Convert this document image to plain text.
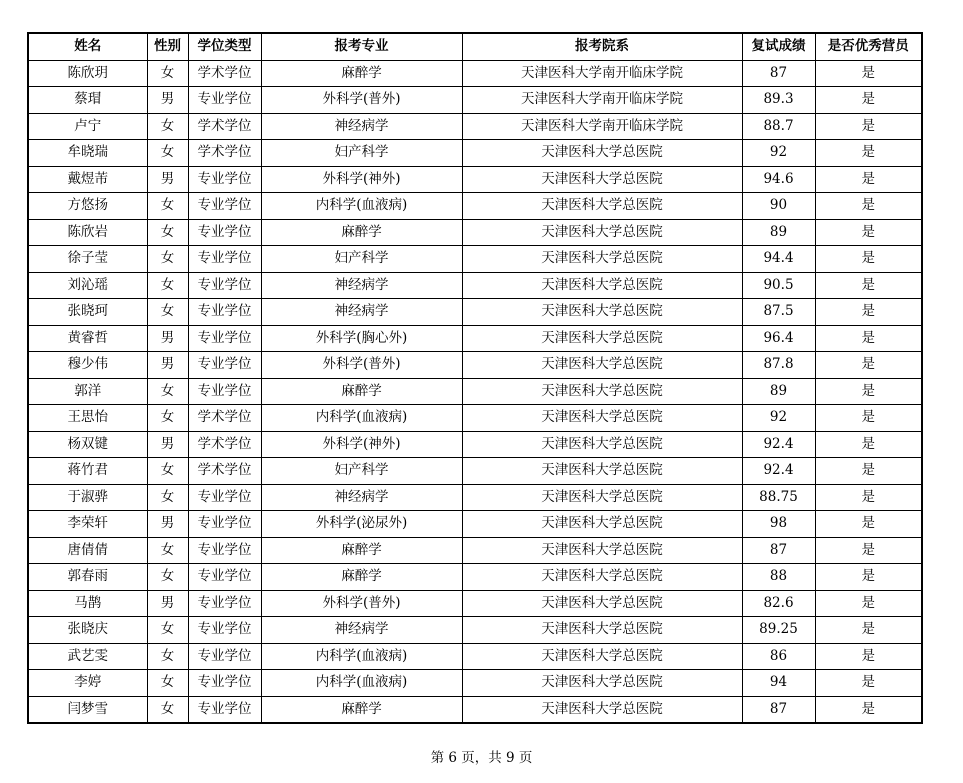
姓名	性别	学位类型	报考专业	报考院系	复试成绩	是否优秀营员
陈欣玥	女	学术学位	麻醉学	天津医科大学南开临床学院	87	是
蔡瑁	男	专业学位	外科学(普外)	天津医科大学南开临床学院	89.3	是
卢宁	女	学术学位	神经病学	天津医科大学南开临床学院	88.7	是
牟晓瑞	女	学术学位	妇产科学	天津医科大学总医院	92	是
戴煜芾	男	专业学位	外科学(神外)	天津医科大学总医院	94.6	是
方悠扬	女	专业学位	内科学(血液病)	天津医科大学总医院	90	是
陈欣岩	女	专业学位	麻醉学	天津医科大学总医院	89	是
徐子莹	女	专业学位	妇产科学	天津医科大学总医院	94.4	是
刘沁瑶	女	专业学位	神经病学	天津医科大学总医院	90.5	是
张晓珂	女	专业学位	神经病学	天津医科大学总医院	87.5	是
黄睿哲	男	专业学位	外科学(胸心外)	天津医科大学总医院	96.4	是
穆少伟	男	专业学位	外科学(普外)	天津医科大学总医院	87.8	是
郭洋	女	专业学位	麻醉学	天津医科大学总医院	89	是
王思怡	女	学术学位	内科学(血液病)	天津医科大学总医院	92	是
杨双键	男	学术学位	外科学(神外)	天津医科大学总医院	92.4	是
蒋竹君	女	学术学位	妇产科学	天津医科大学总医院	92.4	是
于淑骅	女	专业学位	神经病学	天津医科大学总医院	88.75	是
李荣轩	男	专业学位	外科学(泌尿外)	天津医科大学总医院	98	是
唐倩倩	女	专业学位	麻醉学	天津医科大学总医院	87	是
郭春雨	女	专业学位	麻醉学	天津医科大学总医院	88	是
马鹊	男	专业学位	外科学(普外)	天津医科大学总医院	82.6	是
张晓庆	女	专业学位	神经病学	天津医科大学总医院	89.25	是
武艺雯	女	专业学位	内科学(血液病)	天津医科大学总医院	86	是
李婷	女	专业学位	内科学(血液病)	天津医科大学总医院	94	是
闫梦雪	女	专业学位	麻醉学	天津医科大学总医院	87	是
第 6 页，共 9 页
